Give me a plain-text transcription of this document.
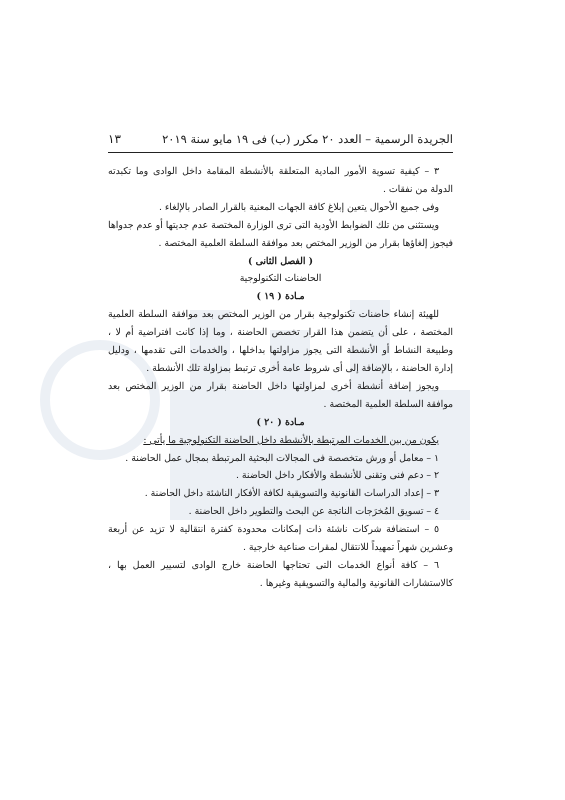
الجريدة الرسمية – العدد ٢٠ مكرر (ب) فى ١٩ مايو سنة ٢٠١٩
١٣

٣ – كيفية تسوية الأمور المادية المتعلقة بالأنشطة المقامة داخل الوادى وما تكبدته الدولة من نفقات .

وفى جميع الأحوال يتعين إبلاغ كافة الجهات المعنية بالقرار الصادر بالإلغاء .

ويستثنى من تلك الضوابط الأودية التى ترى الوزارة المختصة عدم جديتها أو عدم جدواها فيجوز إلغاؤها بقرار من الوزير المختص بعد موافقة السلطة العلمية المختصة .

( الفصل الثانى )

الحاضنات التكنولوجية

مـادة ( ١٩ )

للهيئة إنشاء حاضنات تكنولوجية بقرار من الوزير المختص بعد موافقة السلطة العلمية المختصة ، على أن يتضمن هذا القرار تخصص الحاضنة ، وما إذا كانت افتراضية أم لا ، وطبيعة النشاط أو الأنشطة التى يجوز مزاولتها بداخلها ، والخدمات التى تقدمها ، ودليل إدارة الحاضنة ، بالإضافة إلى أى شروط عامة أخرى ترتبط بمزاولة تلك الأنشطة .

ويجوز إضافة أنشطة أخرى لمزاولتها داخل الحاضنة بقرار من الوزير المختص بعد موافقة السلطة العلمية المختصة .

مـادة ( ٢٠ )

يكون من بين الخدمات المرتبطة بالأنشطة داخل الحاضنة التكنولوجية ما يأتى :

١ – معامل أو ورش متخصصة فى المجالات البحثية المرتبطة بمجال عمل الحاضنة .

٢ – دعم فنى وتقنى للأنشطة والأفكار داخل الحاضنة .

٣ – إعداد الدراسات القانونية والتسويقية لكافة الأفكار الناشئة داخل الحاضنة .

٤ – تسويق المُخرَجات الناتجة عن البحث والتطوير داخل الحاضنة .

٥ – استضافة شركات ناشئة ذات إمكانات محدودة كفترة انتقالية لا تزيد عن أربعة وعشرين شهراً تمهيداً للانتقال لمقرات صناعية خارجية .

٦ – كافة أنواع الخدمات التى تحتاجها الحاضنة خارج الوادى لتسيير العمل بها ، كالاستشارات القانونية والمالية والتسويقية وغيرها .
